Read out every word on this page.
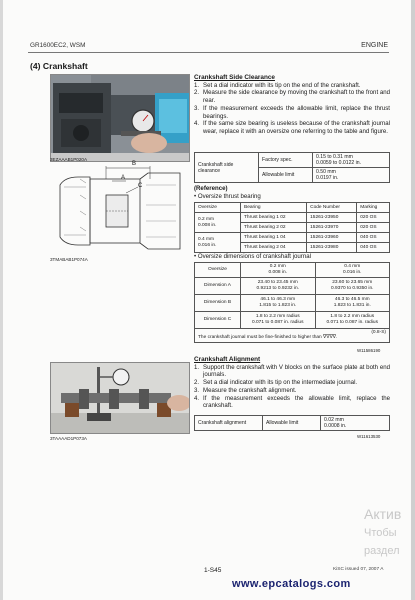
GR1600EC2, WSM	ENGINE
(4) Crankshaft
3EZAAAB1P020A
B
A
C
3TMABAB1P074A
3TAAAAD1P073A
Crankshaft Side Clearance
1. Set a dial indicator with its tip on the end of the crankshaft.
2. Measure the side clearance by moving the crankshaft to the front and rear.
3. If the measurement exceeds the allowable limit, replace the thrust bearings.
4. If the same size bearing is useless because of the crankshaft journal wear, replace it with an oversize one referring to the table and figure.
Crankshaft side clearance	Factory spec.	0.15 to 0.31 mm
0.0059 to 0.0122 in.
	Allowable limit	0.50 mm
0.0197 in.
(Reference)
• Oversize thrust bearing
Oversize	Bearing	Code Number	Marking
0.2 mm
0.008 in.	Thrust bearing 1 02	15261-23950	020 OS
	Thrust bearing 2 02	15261-23970	020 OS
0.4 mm
0.016 in.	Thrust bearing 1 04	15261-23960	040 OS
	Thrust bearing 2 04	15261-23980	040 OS
• Oversize dimensions of crankshaft journal
Oversize	0.2 mm
0.008 in.	0.4 mm
0.016 in.
Dimension A	23.40 to 23.45 mm
0.9213 to 0.9232 in.	23.60 to 23.65 mm
0.9370 to 0.9350 in.
Dimension B	46.1 to 46.3 mm
1.815 to 1.823 in.	46.3 to 46.5 mm
1.823 to 1.831 in.
Dimension C	1.8 to 2.2 mm radius
0.071 to 0.087 in. radius	1.8 to 2.2 mm radius
0.071 to 0.087 in. radius

(0.8-S)
The crankshaft journal must be fine-finished to higher than ∇∇∇∇.		
W11586190
Crankshaft Alignment
1. Support the crankshaft with V blocks on the surface plate at both end journals.
2. Set a dial indicator with its tip on the intermediate journal.
3. Measure the crankshaft alignment.
4. If the measurement exceeds the allowable limit, replace the crankshaft.
Crankshaft alignment	Allowable limit	0.02 mm
0.0008 in.
W11613530
1-S45	KiSC issued 07, 2007 A
www.epcatalogs.com
Актив
Чтобы
раздел
